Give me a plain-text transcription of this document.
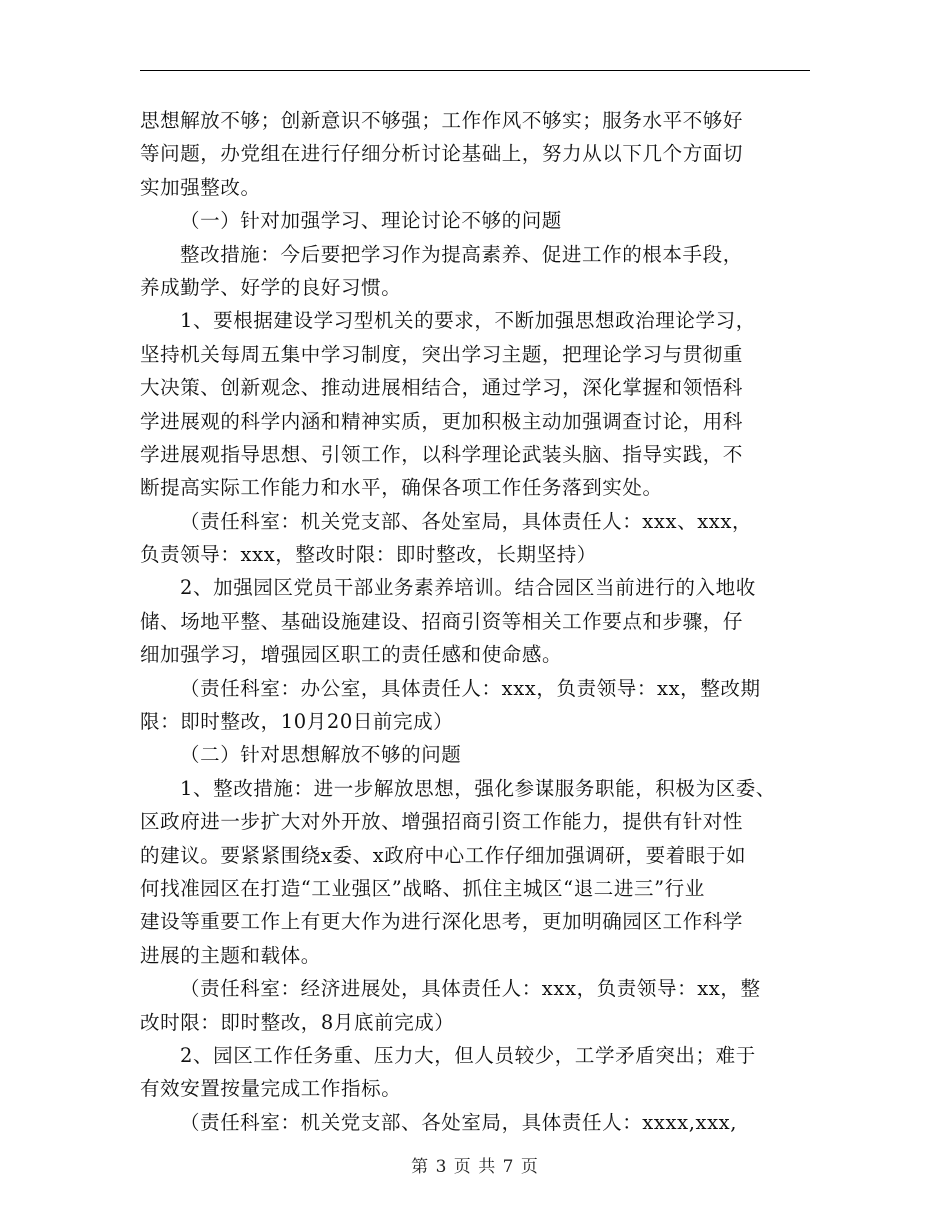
思想解放不够；创新意识不够强；工作作风不够实；服务水平不够好
等问题，办党组在进行仔细分析讨论基础上，努力从以下几个方面切
实加强整改。
（一）针对加强学习、理论讨论不够的问题
整改措施：今后要把学习作为提高素养、促进工作的根本手段，
养成勤学、好学的良好习惯。
1、要根据建设学习型机关的要求，不断加强思想政治理论学习，
坚持机关每周五集中学习制度，突出学习主题，把理论学习与贯彻重
大决策、创新观念、推动进展相结合，通过学习，深化掌握和领悟科
学进展观的科学内涵和精神实质，更加积极主动加强调查讨论，用科
学进展观指导思想、引领工作，以科学理论武装头脑、指导实践，不
断提高实际工作能力和水平，确保各项工作任务落到实处。
（责任科室：机关党支部、各处室局，具体责任人：xxx、xxx，
负责领导：xxx，整改时限：即时整改，长期坚持）
2、加强园区党员干部业务素养培训。结合园区当前进行的入地收
储、场地平整、基础设施建设、招商引资等相关工作要点和步骤，仔
细加强学习，增强园区职工的责任感和使命感。
（责任科室：办公室，具体责任人：xxx，负责领导：xx，整改期
限：即时整改，10月20日前完成）
（二）针对思想解放不够的问题
1、整改措施：进一步解放思想，强化参谋服务职能，积极为区委、
区政府进一步扩大对外开放、增强招商引资工作能力，提供有针对性
的建议。要紧紧围绕x委、x政府中心工作仔细加强调研，要着眼于如
何找准园区在打造“工业强区”战略、抓住主城区“退二进三”行业
建设等重要工作上有更大作为进行深化思考，更加明确园区工作科学
进展的主题和载体。
（责任科室：经济进展处，具体责任人：xxx，负责领导：xx，整
改时限：即时整改，8月底前完成）
2、园区工作任务重、压力大，但人员较少，工学矛盾突出；难于
有效安置按量完成工作指标。
（责任科室：机关党支部、各处室局，具体责任人：xxxx,xxx,
第 3 页 共 7 页
